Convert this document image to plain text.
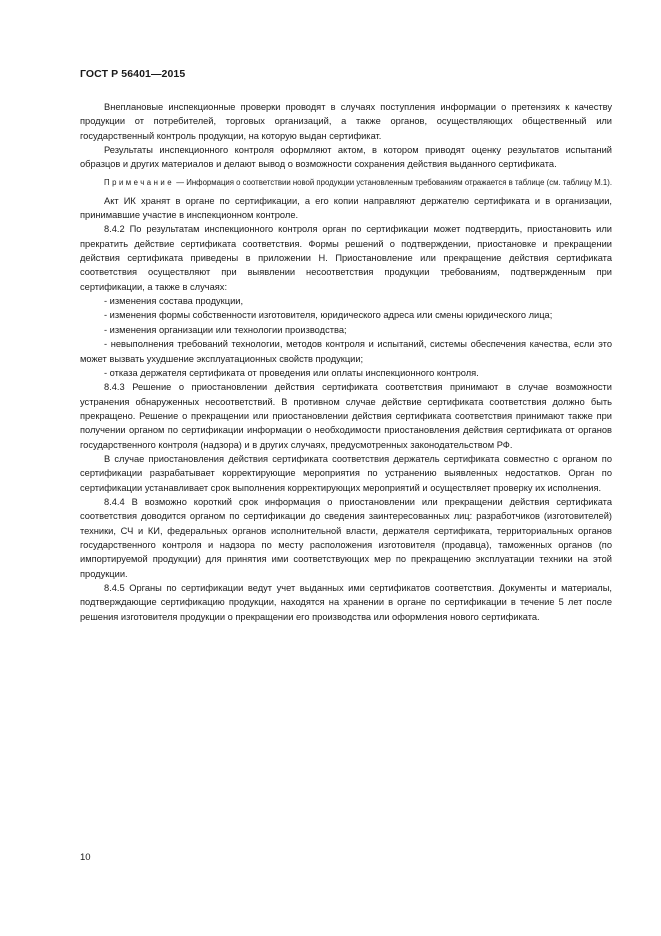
ГОСТ Р 56401—2015

Внеплановые инспекционные проверки проводят в случаях поступления информации о претензиях к качеству продукции от потребителей, торговых организаций, а также органов, осуществляющих общественный или государственный контроль продукции, на которую выдан сертификат.

Результаты инспекционного контроля оформляют актом, в котором приводят оценку результатов испытаний образцов и других материалов и делают вывод о возможности сохранения действия выданного сертификата.

Примечание — Информация о соответствии новой продукции установленным требованиям отражается в таблице (см. таблицу М.1).

Акт ИК хранят в органе по сертификации, а его копии направляют держателю сертификата и в организации, принимавшие участие в инспекционном контроле.

8.4.2 По результатам инспекционного контроля орган по сертификации может подтвердить, приостановить или прекратить действие сертификата соответствия. Формы решений о подтверждении, приостановке и прекращении действия сертификата приведены в приложении Н. Приостановление или прекращение действия сертификата соответствия осуществляют при выявлении несоответствия продукции требованиям, подтвержденным при сертификации, а также в случаях:

- изменения состава продукции,

- изменения формы собственности изготовителя, юридического адреса или смены юридического лица;

- изменения организации или технологии производства;

- невыполнения требований технологии, методов контроля и испытаний, системы обеспечения качества, если это может вызвать ухудшение эксплуатационных свойств продукции;

- отказа держателя сертификата от проведения или оплаты инспекционного контроля.

8.4.3 Решение о приостановлении действия сертификата соответствия принимают в случае возможности устранения обнаруженных несоответствий. В противном случае действие сертификата соответствия должно быть прекращено. Решение о прекращении или приостановлении действия сертификата соответствия принимают также при получении органом по сертификации информации о необходимости приостановления действия сертификата от органов государственного контроля (надзора) и в других случаях, предусмотренных законодательством РФ.

В случае приостановления действия сертификата соответствия держатель сертификата совместно с органом по сертификации разрабатывает корректирующие мероприятия по устранению выявленных недостатков. Орган по сертификации устанавливает срок выполнения корректирующих мероприятий и осуществляет проверку их исполнения.

8.4.4 В возможно короткий срок информация о приостановлении или прекращении действия сертификата соответствия доводится органом по сертификации до сведения заинтересованных лиц: разработчиков (изготовителей) техники, СЧ и КИ, федеральных органов исполнительной власти, держателя сертификата, территориальных органов государственного контроля и надзора по месту расположения изготовителя (продавца), таможенных органов (по импортируемой продукции) для принятия ими соответствующих мер по прекращению эксплуатации техники на этой продукции.

8.4.5 Органы по сертификации ведут учет выданных ими сертификатов соответствия. Документы и материалы, подтверждающие сертификацию продукции, находятся на хранении в органе по сертификации в течение 5 лет после решения изготовителя продукции о прекращении его производства или оформления нового сертификата.

10
